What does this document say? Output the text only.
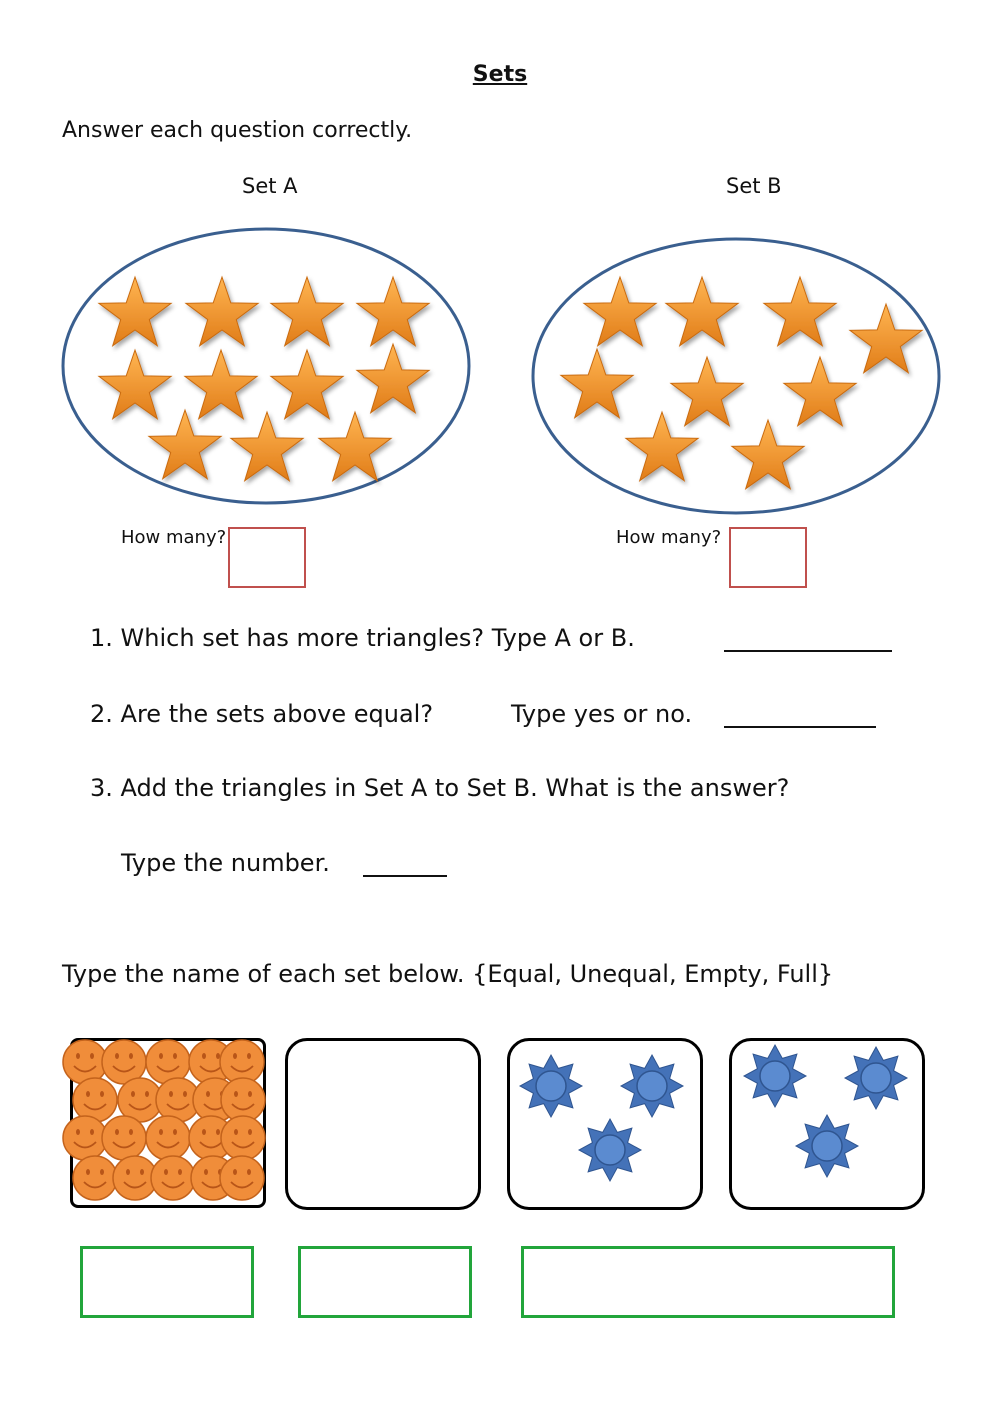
Sets
Answer each question correctly.
Set A	Set B
How many?	How many?
1. Which set has more triangles? Type A or B.
2. Are the sets above equal?	Type yes or no.
3. Add the triangles in Set A to Set B. What is the answer?
Type the number.
Type the name of each set below. {Equal, Unequal, Empty, Full}
